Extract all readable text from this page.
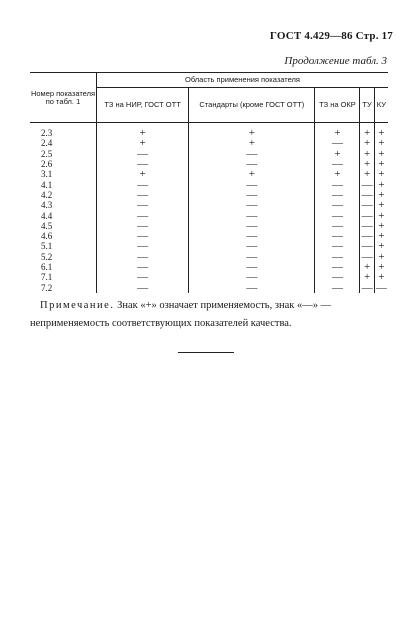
ГОСТ 4.429—86 Стр. 17
Продолжение табл. 3
Номер показателя по табл. 1	Область применения показателя				
	ТЗ на НИР, ГОСТ ОТТ	Стандарты (кроме ГОСТ ОТТ)	ТЗ на ОКР	ТУ	КУ
2.3	+	+	+	+	+
2.4	+	+	—	+	+
2.5	—	—	+	+	+
2.6	—	—	—	+	+
3.1	+	+	+	+	+
4.1	—	—	—	—	+
4.2	—	—	—	—	+
4.3	—	—	—	—	+
4.4	—	—	—	—	+
4.5	—	—	—	—	+
4.6	—	—	—	—	+
5.1	—	—	—	—	+
5.2	—	—	—	—	+
6.1	—	—	—	+	+
7.1	—	—	—	+	+
7.2	—	—	—	—	—
Примечание. Знак «+» означает применяемость, знак «—» — неприменяемость соответствующих показателей качества.
